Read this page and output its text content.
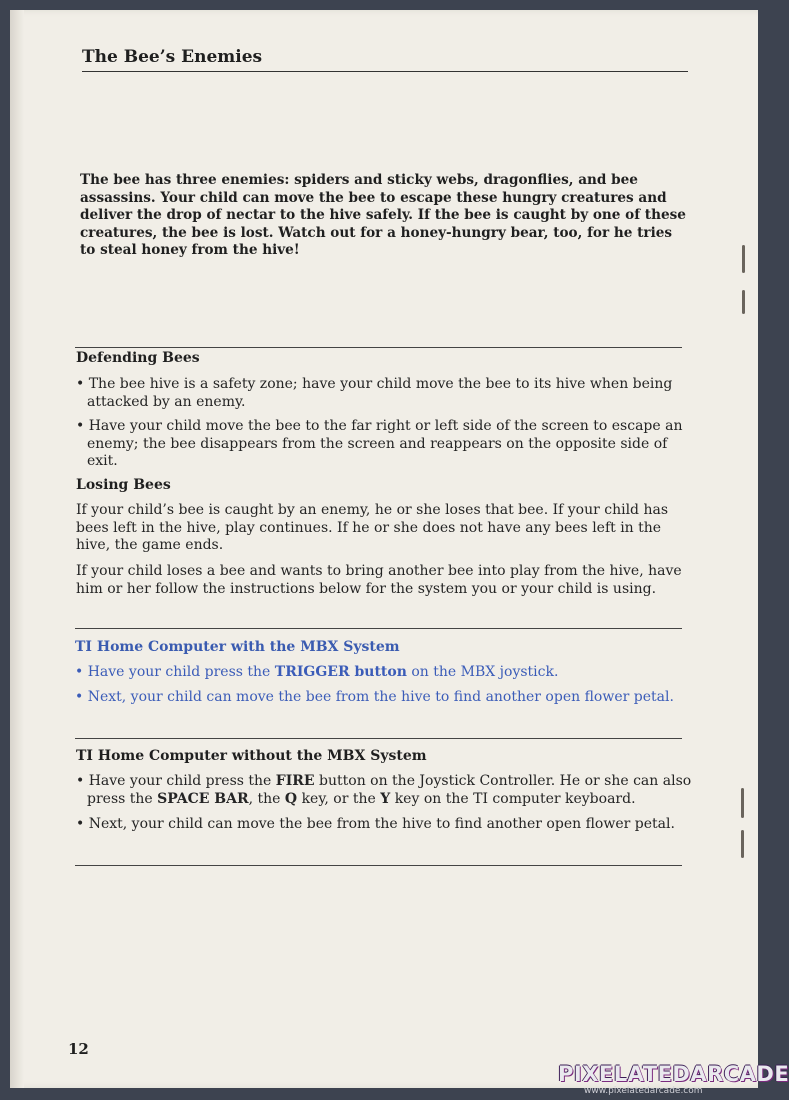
The Bee’s Enemies

The bee has three enemies: spiders and sticky webs, dragonflies, and bee assassins. Your child can move the bee to escape these hungry creatures and deliver the drop of nectar to the hive safely. If the bee is caught by one of these creatures, the bee is lost. Watch out for a honey-hungry bear, too, for he tries to steal honey from the hive!

Defending Bees

• The bee hive is a safety zone; have your child move the bee to its hive when being attacked by an enemy.

• Have your child move the bee to the far right or left side of the screen to escape an enemy; the bee disappears from the screen and reappears on the opposite side of exit.

Losing Bees

If your child’s bee is caught by an enemy, he or she loses that bee. If your child has bees left in the hive, play continues. If he or she does not have any bees left in the hive, the game ends.

If your child loses a bee and wants to bring another bee into play from the hive, have him or her follow the instructions below for the system you or your child is using.

TI Home Computer with the MBX System

• Have your child press the TRIGGER button on the MBX joystick.

• Next, your child can move the bee from the hive to find another open flower petal.

TI Home Computer without the MBX System

• Have your child press the FIRE button on the Joystick Controller. He or she can also press the SPACE BAR, the Q key, or the Y key on the TI computer keyboard.

• Next, your child can move the bee from the hive to find another open flower petal.

12
PIXELATEDARCADE
www.pixelatedarcade.com
